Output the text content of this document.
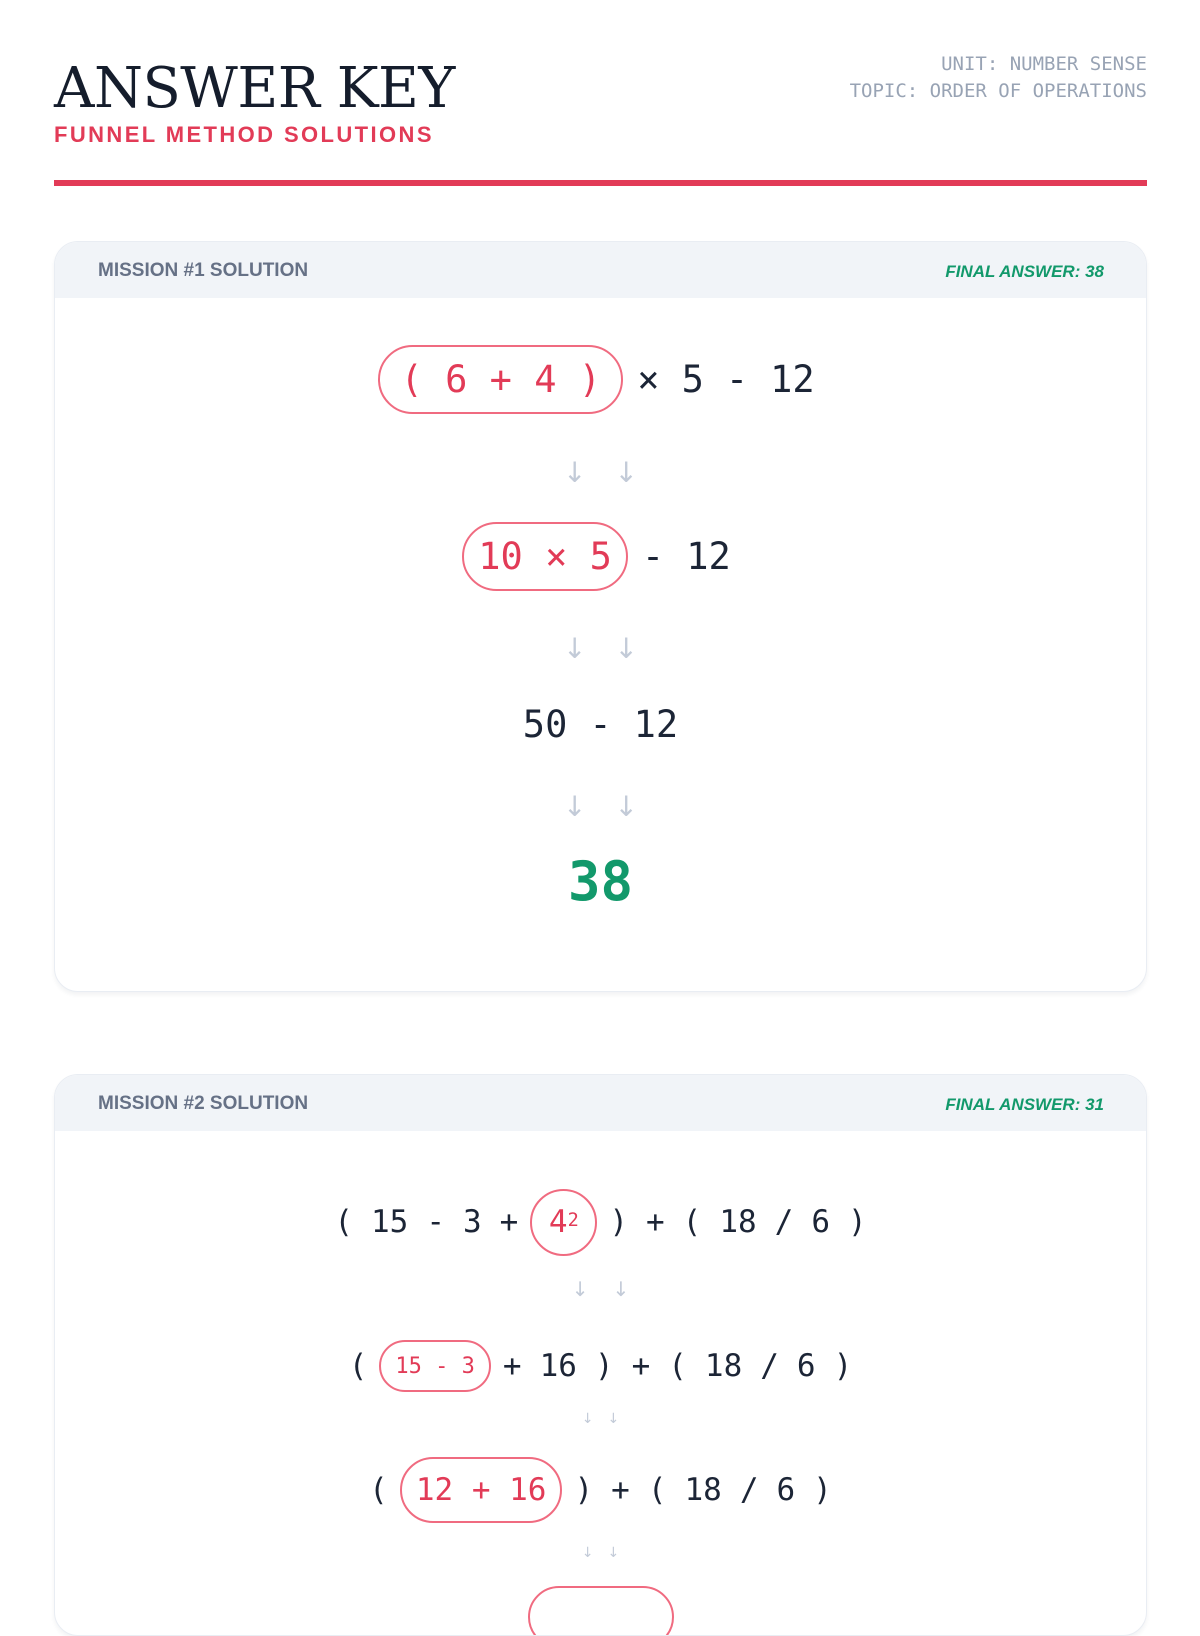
ANSWER KEY
FUNNEL METHOD SOLUTIONS
UNIT: NUMBER SENSE
TOPIC: ORDER OF OPERATIONS
MISSION #1 SOLUTION	FINAL ANSWER: 38
( 6 + 4 ) × 5 - 12
↓ ↓
10 × 5 - 12
↓ ↓
50 - 12
↓ ↓
38
MISSION #2 SOLUTION	FINAL ANSWER: 31
( $15 - 3 + 4^2$ ) + ( 18 / 6 )
↓ ↓
(	15 - 3 + 16 ) + ( 18 / 6 )
↓ ↓
( 12 + 16 ) + ( 18 / 6 )
↓ ↓
